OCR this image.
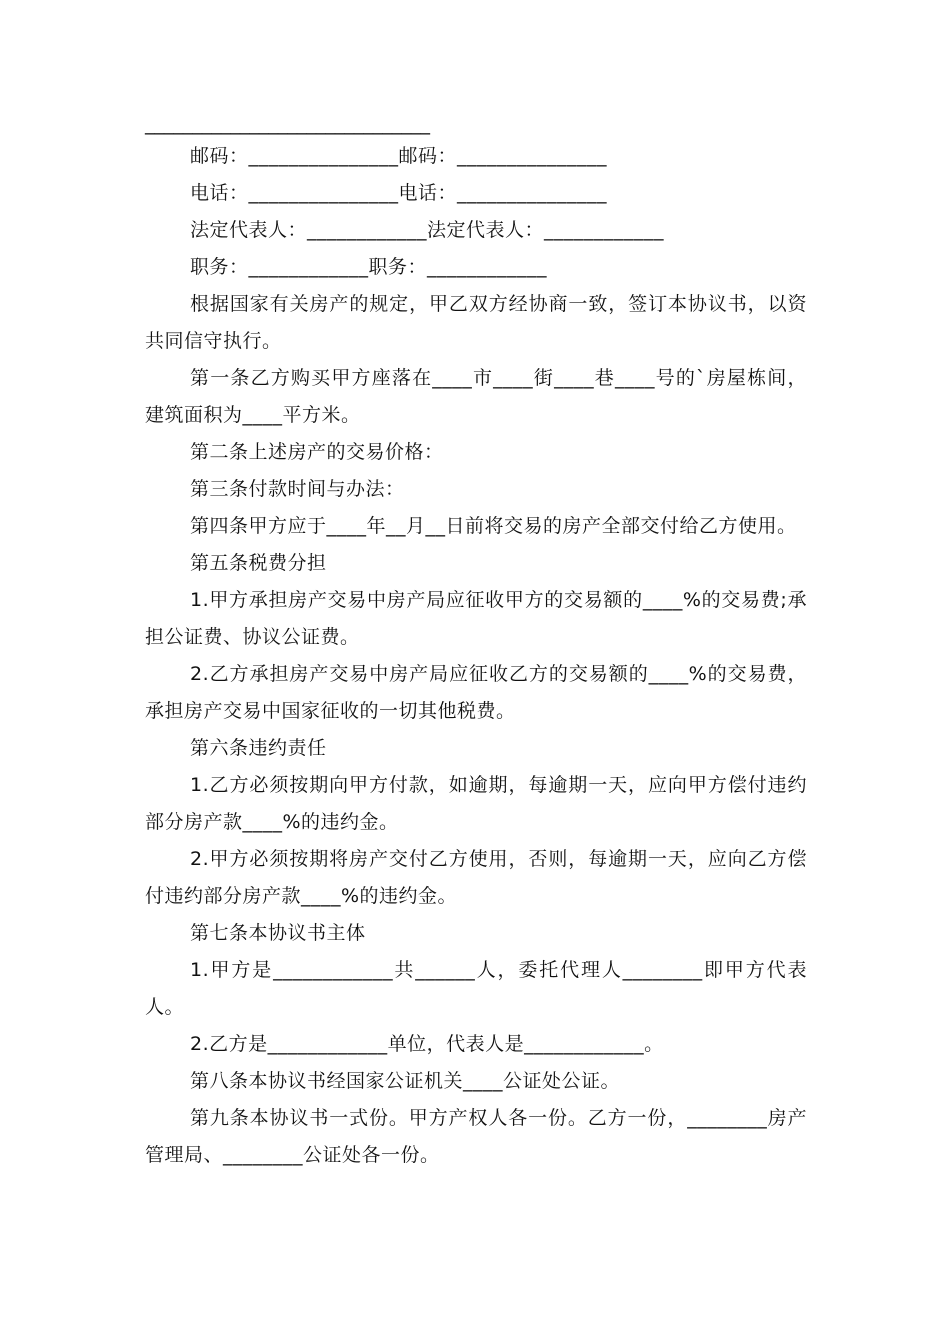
______________________________

邮码：_______________邮码：_______________

电话：_______________电话：_______________

法定代表人：____________法定代表人：____________

职务：____________职务：____________

根据国家有关房产的规定，甲乙双方经协商一致，签订本协议书，以资共同信守执行。

第一条乙方购买甲方座落在____市____街____巷____号的`房屋栋间，建筑面积为____平方米。

第二条上述房产的交易价格：

第三条付款时间与办法：

第四条甲方应于____年__月__日前将交易的房产全部交付给乙方使用。

第五条税费分担

1.甲方承担房产交易中房产局应征收甲方的交易额的____%的交易费;承担公证费、协议公证费。

2.乙方承担房产交易中房产局应征收乙方的交易额的____%的交易费，承担房产交易中国家征收的一切其他税费。

第六条违约责任

1.乙方必须按期向甲方付款，如逾期，每逾期一天，应向甲方偿付违约部分房产款____%的违约金。

2.甲方必须按期将房产交付乙方使用，否则，每逾期一天，应向乙方偿付违约部分房产款____%的违约金。

第七条本协议书主体

1.甲方是____________共______人，委托代理人________即甲方代表人。

2.乙方是____________单位，代表人是____________。

第八条本协议书经国家公证机关____公证处公证。

第九条本协议书一式份。甲方产权人各一份。乙方一份，________房产管理局、________公证处各一份。
